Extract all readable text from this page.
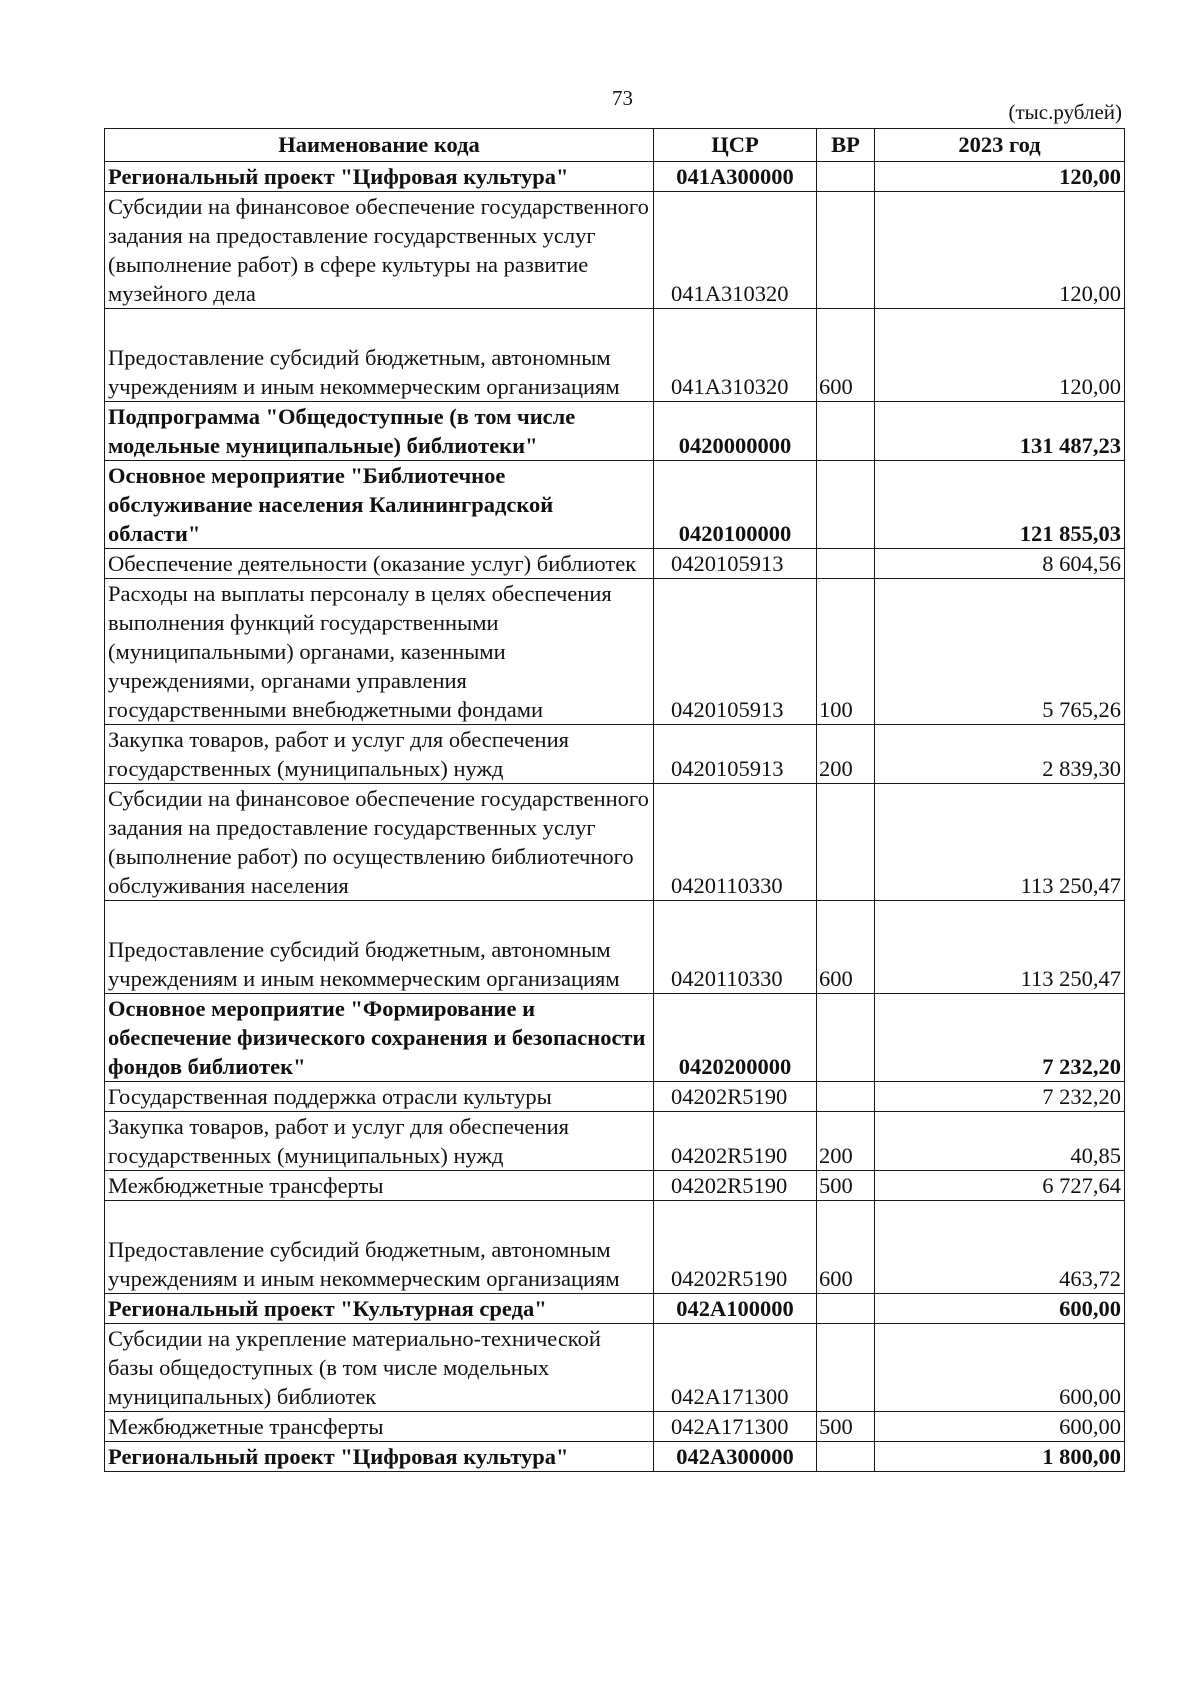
73
(тыс.рублей)
Наименование кода	ЦСР	ВР	2023 год
Региональный проект "Цифровая культура"	041А300000		120,00
Субсидии на финансовое обеспечение государственного задания на предоставление государственных услуг (выполнение работ) в сфере культуры на развитие музейного дела	041А310320		120,00
Предоставление субсидий бюджетным, автономным учреждениям и иным некоммерческим организациям	041А310320	600	120,00
Подпрограмма "Общедоступные (в том числе модельные муниципальные) библиотеки"	0420000000		131 487,23
Основное мероприятие "Библиотечное обслуживание населения Калининградской области"	0420100000		121 855,03
Обеспечение деятельности (оказание услуг) библиотек	0420105913		8 604,56
Расходы на выплаты персоналу в целях обеспечения выполнения функций государственными (муниципальными) органами, казенными учреждениями, органами управления государственными внебюджетными фондами	0420105913	100	5 765,26
Закупка товаров, работ и услуг для обеспечения государственных (муниципальных) нужд	0420105913	200	2 839,30
Субсидии на финансовое обеспечение государственного задания на предоставление государственных услуг (выполнение работ) по осуществлению библиотечного обслуживания населения	0420110330		113 250,47
Предоставление субсидий бюджетным, автономным учреждениям и иным некоммерческим организациям	0420110330	600	113 250,47
Основное мероприятие "Формирование и обеспечение физического сохранения и безопасности фондов библиотек"	0420200000		7 232,20
Государственная поддержка отрасли культуры	04202R5190		7 232,20
Закупка товаров, работ и услуг для обеспечения государственных (муниципальных) нужд	04202R5190	200	40,85
Межбюджетные трансферты	04202R5190	500	6 727,64
Предоставление субсидий бюджетным, автономным учреждениям и иным некоммерческим организациям	04202R5190	600	463,72
Региональный проект "Культурная среда"	042А100000		600,00
Субсидии на укрепление материально-технической базы общедоступных (в том числе модельных муниципальных) библиотек	042А171300		600,00
Межбюджетные трансферты	042А171300	500	600,00
Региональный проект "Цифровая культура"	042А300000		1 800,00
